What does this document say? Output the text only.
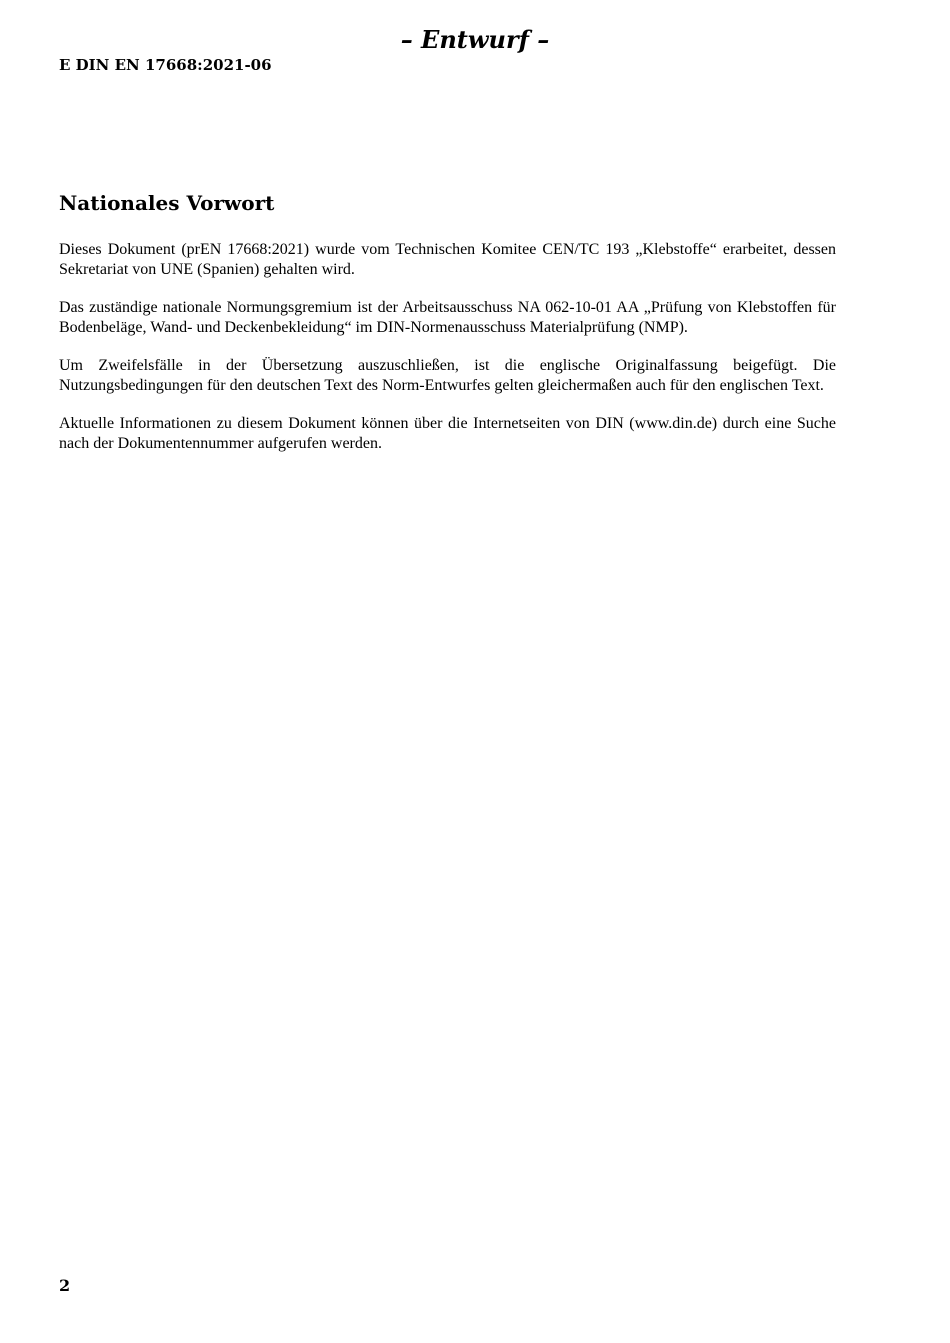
– Entwurf –
E DIN EN 17668:2021-06
Nationales Vorwort

Dieses Dokument (prEN 17668:2021) wurde vom Technischen Komitee CEN/TC 193 „Klebstoffe“ erarbeitet, dessen Sekretariat von UNE (Spanien) gehalten wird.

Das zuständige nationale Normungsgremium ist der Arbeitsausschuss NA 062-10-01 AA „Prüfung von Klebstoffen für Bodenbeläge, Wand- und Deckenbekleidung“ im DIN-Normenausschuss Materialprüfung (NMP).

Um Zweifelsfälle in der Übersetzung auszuschließen, ist die englische Originalfassung beigefügt. Die Nutzungsbedingungen für den deutschen Text des Norm-Entwurfes gelten gleichermaßen auch für den englischen Text.

Aktuelle Informationen zu diesem Dokument können über die Internetseiten von DIN (www.din.de) durch eine Suche nach der Dokumentennummer aufgerufen werden.

2
